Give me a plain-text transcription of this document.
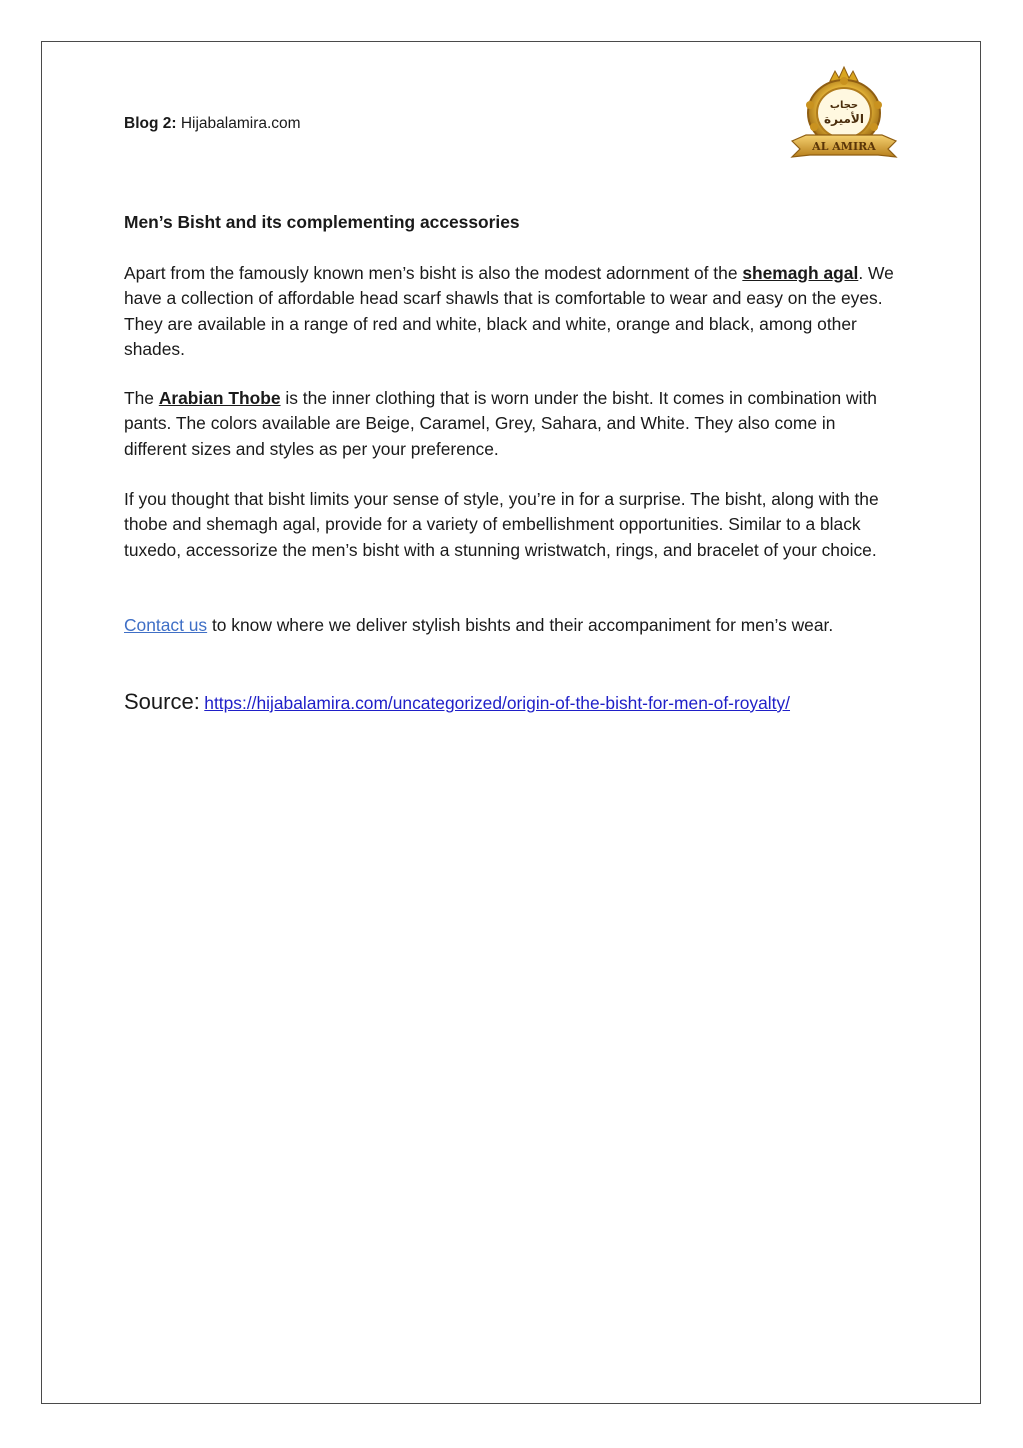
Blog 2: Hijabalamira.com
حجاب
الأميرة
AL AMIRA
Men’s Bisht and its complementing accessories

Apart from the famously known men’s bisht is also the modest adornment of the shemagh agal. We have a collection of affordable head scarf shawls that is comfortable to wear and easy on the eyes. They are available in a range of red and white, black and white, orange and black, among other shades.

The Arabian Thobe is the inner clothing that is worn under the bisht. It comes in combination with pants. The colors available are Beige, Caramel, Grey, Sahara, and White. They also come in different sizes and styles as per your preference.

If you thought that bisht limits your sense of style, you’re in for a surprise. The bisht, along with the thobe and shemagh agal, provide for a variety of embellishment opportunities. Similar to a black tuxedo, accessorize the men’s bisht with a stunning wristwatch, rings, and bracelet of your choice.

Contact us to know where we deliver stylish bishts and their accompaniment for men’s wear.

Source: https://hijabalamira.com/uncategorized/origin-of-the-bisht-for-men-of-royalty/
